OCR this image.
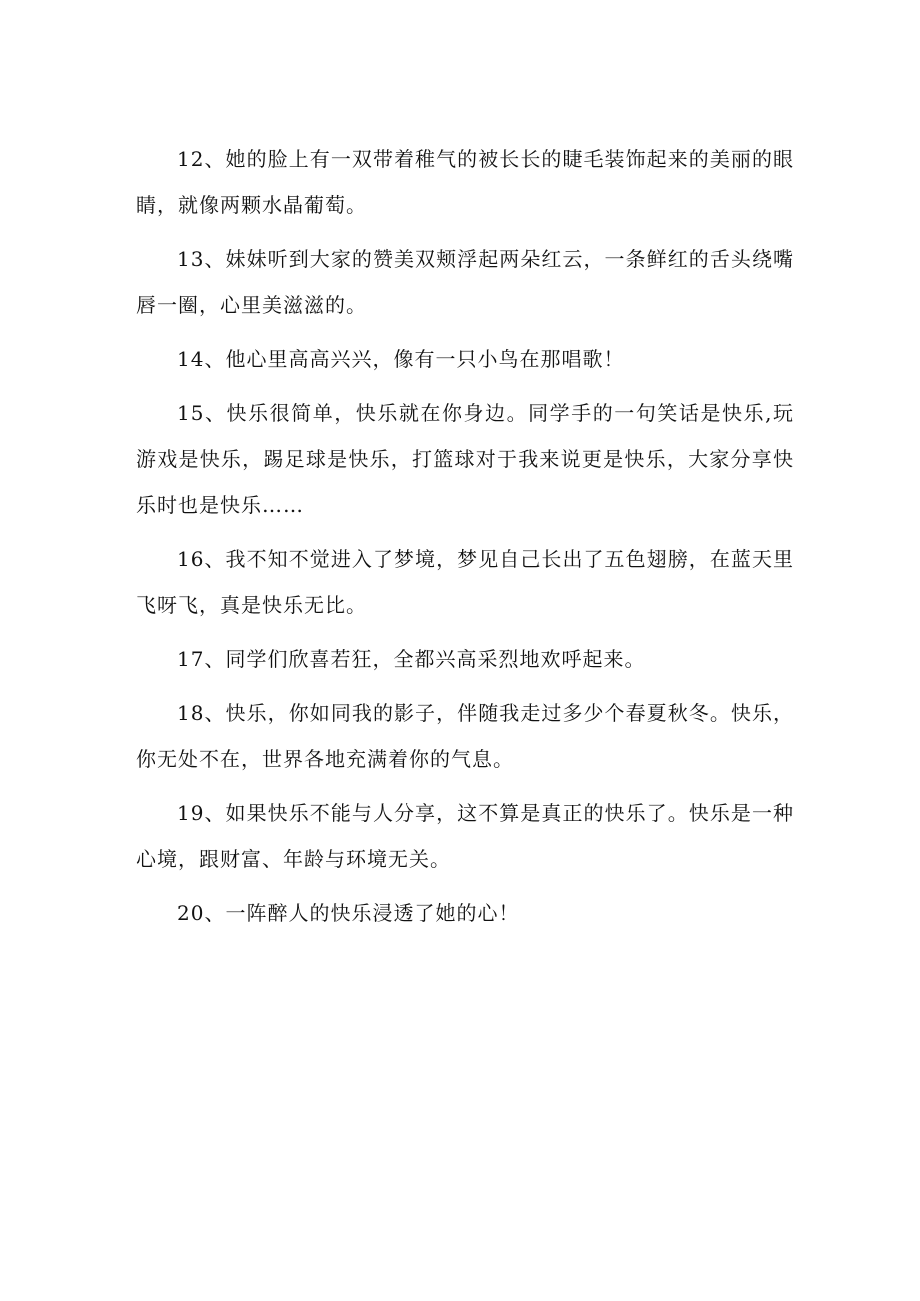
12、她的脸上有一双带着稚气的被长长的睫毛装饰起来的美丽的眼睛，就像两颗水晶葡萄。

13、妹妹听到大家的赞美双颊浮起两朵红云，一条鲜红的舌头绕嘴唇一圈，心里美滋滋的。

14、他心里高高兴兴，像有一只小鸟在那唱歌！

15、快乐很简单，快乐就在你身边。同学手的一句笑话是快乐,玩游戏是快乐，踢足球是快乐，打篮球对于我来说更是快乐，大家分享快乐时也是快乐……

16、我不知不觉进入了梦境，梦见自己长出了五色翅膀，在蓝天里飞呀飞，真是快乐无比。

17、同学们欣喜若狂，全都兴高采烈地欢呼起来。

18、快乐，你如同我的影子，伴随我走过多少个春夏秋冬。快乐，你无处不在，世界各地充满着你的气息。

19、如果快乐不能与人分享，这不算是真正的快乐了。快乐是一种心境，跟财富、年龄与环境无关。

20、一阵醉人的快乐浸透了她的心！
